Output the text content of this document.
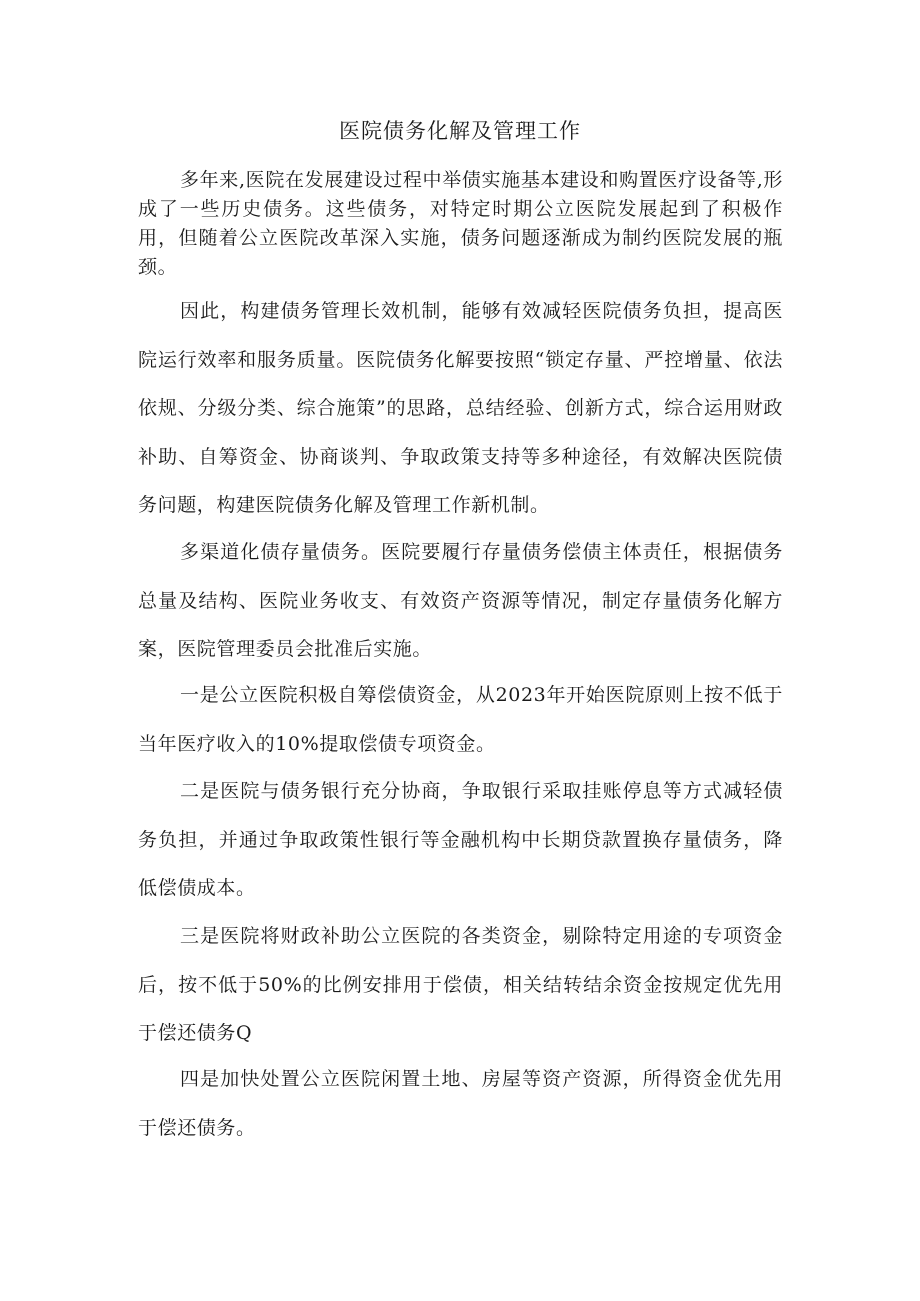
医院债务化解及管理工作

多年来,医院在发展建设过程中举债实施基本建设和购置医疗设备等,形成了一些历史债务。这些债务，对特定时期公立医院发展起到了积极作用，但随着公立医院改革深入实施，债务问题逐渐成为制约医院发展的瓶颈。

因此，构建债务管理长效机制，能够有效减轻医院债务负担，提高医院运行效率和服务质量。医院债务化解要按照“锁定存量、严控增量、依法依规、分级分类、综合施策”的思路，总结经验、创新方式，综合运用财政补助、自筹资金、协商谈判、争取政策支持等多种途径，有效解决医院债务问题，构建医院债务化解及管理工作新机制。

多渠道化债存量债务。医院要履行存量债务偿债主体责任，根据债务总量及结构、医院业务收支、有效资产资源等情况，制定存量债务化解方案，医院管理委员会批准后实施。

一是公立医院积极自筹偿债资金，从2023年开始医院原则上按不低于当年医疗收入的10%提取偿债专项资金。

二是医院与债务银行充分协商，争取银行采取挂账停息等方式减轻债务负担，并通过争取政策性银行等金融机构中长期贷款置换存量债务，降低偿债成本。

三是医院将财政补助公立医院的各类资金，剔除特定用途的专项资金后，按不低于50%的比例安排用于偿债，相关结转结余资金按规定优先用于偿还债务Q

四是加快处置公立医院闲置土地、房屋等资产资源，所得资金优先用于偿还债务。
